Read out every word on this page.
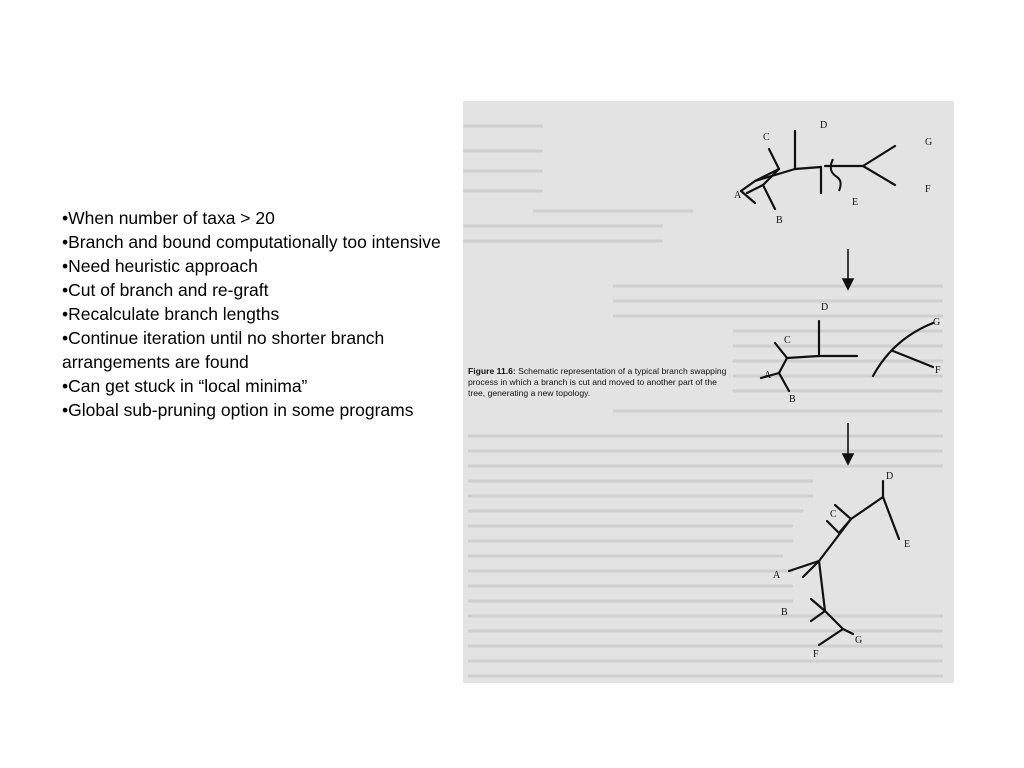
•When number of taxa > 20

•Branch and bound computationally too intensive

•Need heuristic approach

•Cut of branch and re-graft

•Recalculate branch lengths

•Continue iteration until no shorter branch arrangements are found

•Can get stuck in “local minima”

•Global sub-pruning option in some programs

C
D
G
A
E
F
B
C
D
G
A	F
B
C
D
E
A
B
F
G
Figure 11.6: Schematic representation of a typical branch swapping process in which a branch is cut and moved to another part of the tree, generating a new topology.
